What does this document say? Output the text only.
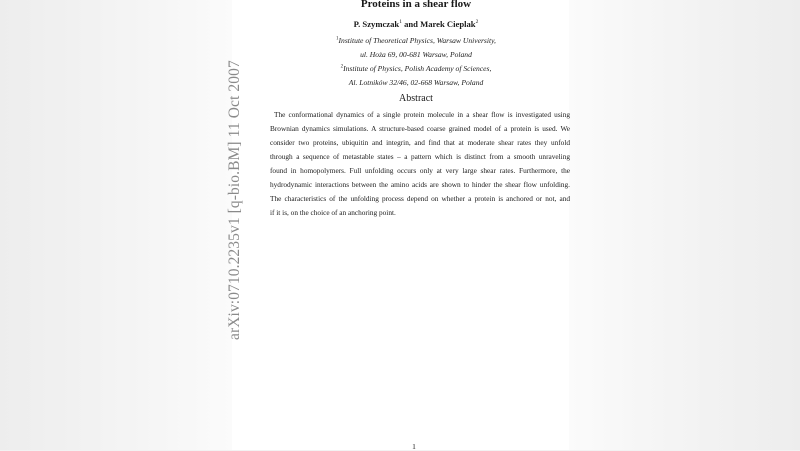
Proteins in a shear flow
P. Szymczak$^1$ and Marek Cieplak$^2$
$^1$Institute of Theoretical Physics, Warsaw University,
ul. Hoża 69, 00-681 Warsaw, Poland
$^2$Institute of Physics, Polish Academy of Sciences,
Al. Lotników 32/46, 02-668 Warsaw, Poland
Abstract
The conformational dynamics of a single protein molecule in a shear flow is investigated using
Brownian dynamics simulations. A structure-based coarse grained model of a protein is used. We
consider two proteins, ubiquitin and integrin, and find that at moderate shear rates they unfold
through a sequence of metastable states – a pattern which is distinct from a smooth unraveling
found in homopolymers. Full unfolding occurs only at very large shear rates. Furthermore, the
hydrodynamic interactions between the amino acids are shown to hinder the shear flow unfolding.
The characteristics of the unfolding process depend on whether a protein is anchored or not, and
if it is, on the choice of an anchoring point.
1
arXiv:0710.2235v1 [q-bio.BM] 11 Oct 2007
